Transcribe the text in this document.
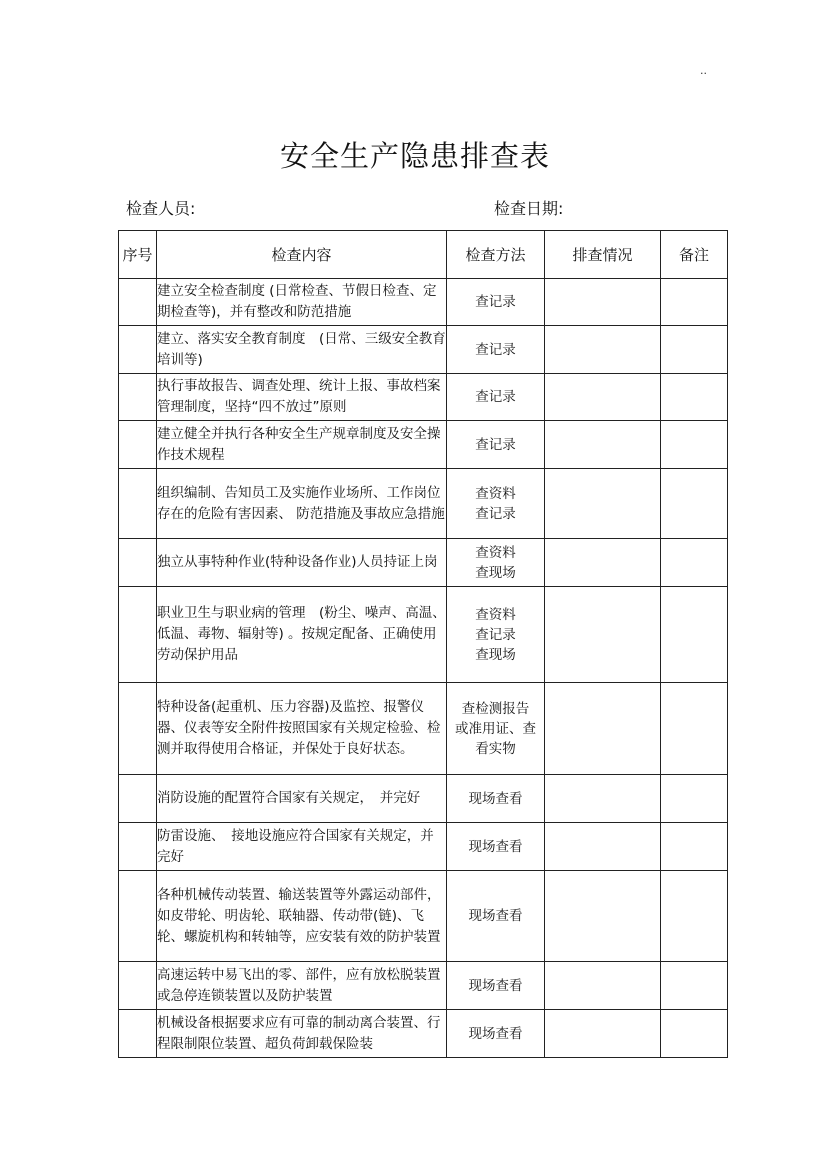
..
安全生产隐患排查表
检查人员:	检查日期:
序号	检查内容	检查方法	排查情况	备注
	建立安全检查制度 (日常检查、节假日检查、定期检查等)，并有整改和防范措施	查记录		

	建立、落实安全教育制度　(日常、三级安全教育培训等)	查记录		

	执行事故报告、调查处理、统计上报、事故档案管理制度，坚持“四不放过”原则	查记录		

	建立健全并执行各种安全生产规章制度及安全操作技术规程	查记录		

	组织编制、告知员工及实施作业场所、工作岗位存在的危险有害因素、 防范措施及事故应急措施	查资料
查记录		

	独立从事特种作业(特种设备作业)人员持证上岗	查资料
查现场		

	职业卫生与职业病的管理　(粉尘、噪声、高温、低温、毒物、辐射等) 。按规定配备、正确使用劳动保护用品	查资料
查记录
查现场		

	特种设备(起重机、压力容器)及监控、报警仪器、仪表等安全附件按照国家有关规定检验、检测并取得使用合格证，并保处于良好状态。	查检测报告
或准用证、查
看实物		

	消防设施的配置符合国家有关规定，　并完好	现场查看		

	防雷设施、　接地设施应符合国家有关规定，并完好	现场查看		

	各种机械传动装置、输送装置等外露运动部件，如皮带轮、明齿轮、联轴器、传动带(链)、飞轮、螺旋机构和转轴等，应安装有效的防护装置	现场查看		

	高速运转中易飞出的零、部件，应有放松脱装置或急停连锁装置以及防护装置	现场查看		

	机械设备根据要求应有可靠的制动离合装置、行程限制限位装置、超负荷卸载保险装	现场查看		
